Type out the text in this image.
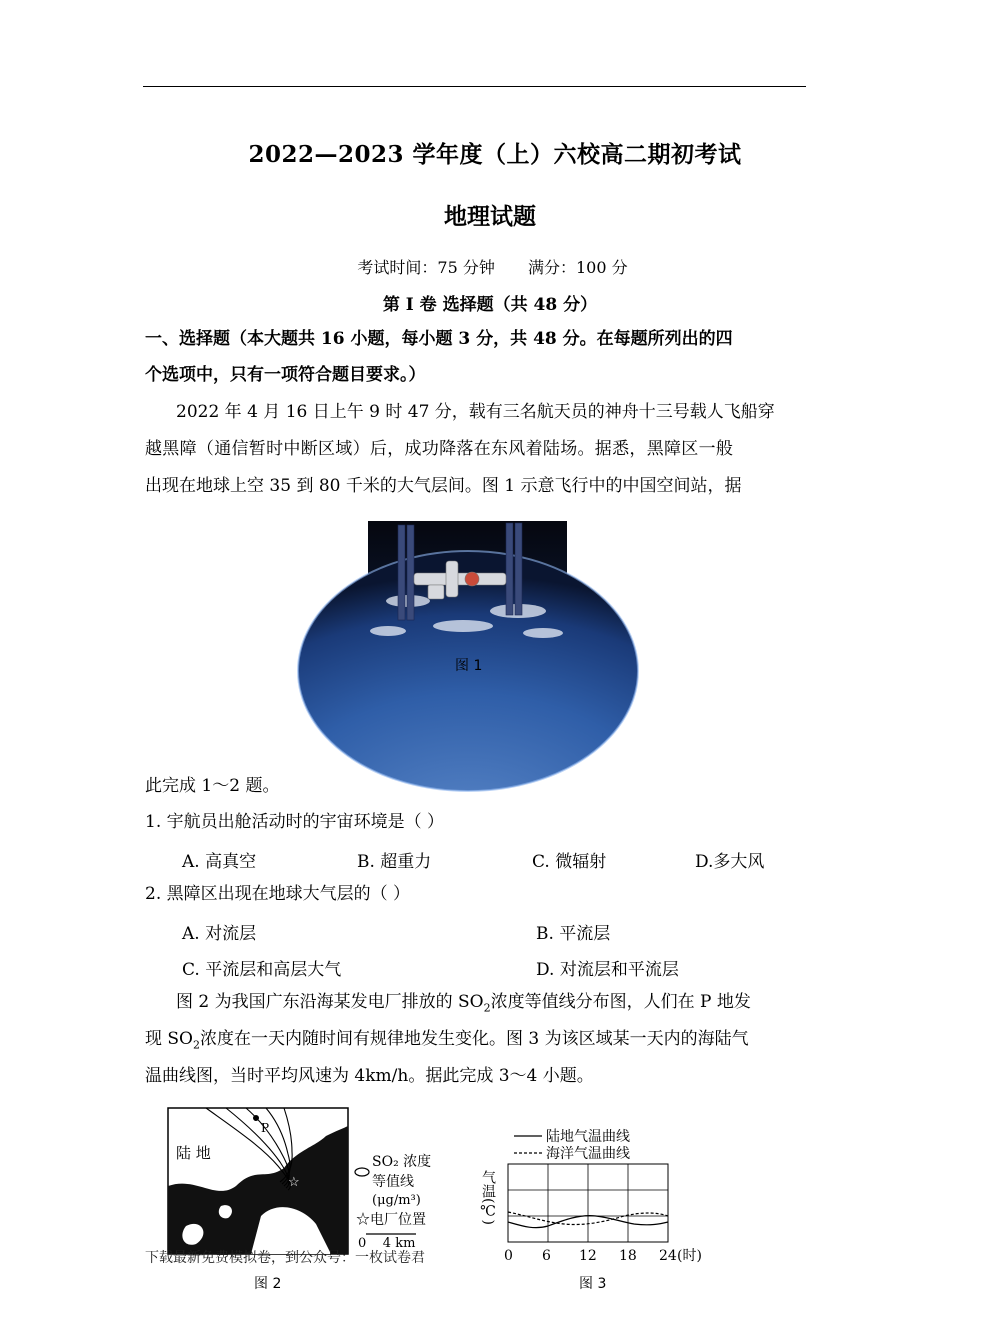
2022—2023 学年度（上）六校高二期初考试
地理试题
考试时间：75 分钟 满分：100 分
第 I 卷 选择题（共 48 分）
一、选择题（本大题共 16 小题，每小题 3 分，共 48 分。在每题所列出的四
个选项中，只有一项符合题目要求。）
2022 年 4 月 16 日上午 9 时 47 分，载有三名航天员的神舟十三号载人飞船穿
越黑障（通信暂时中断区域）后，成功降落在东风着陆场。据悉，黑障区一般
出现在地球上空 35 到 80 千米的大气层间。图 1 示意飞行中的中国空间站，据
图 1
此完成 1～2 题。
1. 宇航员出舱活动时的宇宙环境是（ ）
A. 高真空	B. 超重力	C. 微辐射	D.多大风
2. 黑障区出现在地球大气层的（ ）
A. 对流层	B. 平流层
C. 平流层和高层大气	D. 对流层和平流层
图 2 为我国广东沿海某发电厂排放的 $SO_2$浓度等值线分布图，人们在 P 地发
现 $SO_2$浓度在一天内随时间有规律地发生变化。图 3 为该区域某一天内的海陆气
温曲线图，当时平均风速为 4km/h。据此完成 3～4 小题。
P
☆
陆 地
海 洋
SO₂ 浓度
等值线
(μg/m³)
☆电厂位置
0    4 km
陆地气温曲线
海洋气温曲线
气温(℃)
0 6 12 18 24 (时)
下载最新免费模拟卷，到公众号：一枚试卷君
图 2	图 3
